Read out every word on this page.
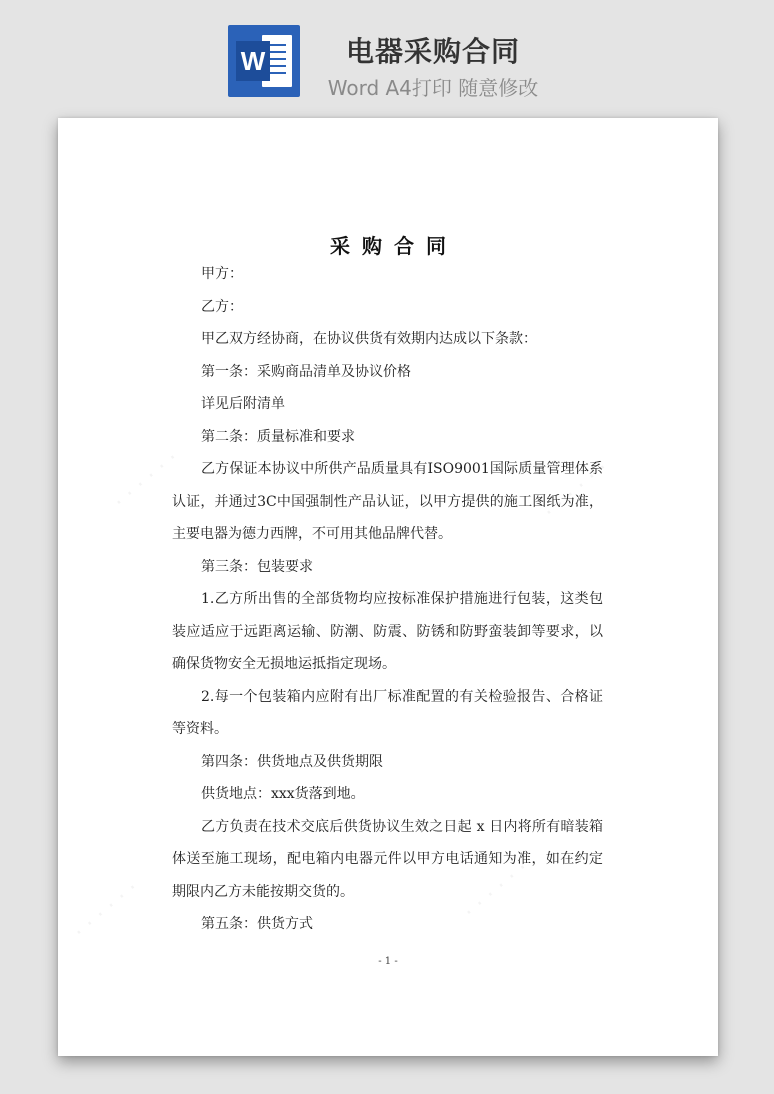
W	电器采购合同
Word A4打印 随意修改
· · · · · ·	· · · · · ·
· · · · · ·	· · · · · ·
采购合同

甲方：

乙方：

甲乙双方经协商，在协议供货有效期内达成以下条款：

第一条：采购商品清单及协议价格

详见后附清单

第二条：质量标准和要求

乙方保证本协议中所供产品质量具有ISO9001国际质量管理体系认证，并通过3C中国强制性产品认证，以甲方提供的施工图纸为准，主要电器为德力西牌，不可用其他品牌代替。

第三条：包装要求

1.乙方所出售的全部货物均应按标准保护措施进行包装，这类包装应适应于远距离运输、防潮、防震、防锈和防野蛮装卸等要求，以确保货物安全无损地运抵指定现场。

2.每一个包装箱内应附有出厂标准配置的有关检验报告、合格证等资料。

第四条：供货地点及供货期限

供货地点：xxx货落到地。

乙方负责在技术交底后供货协议生效之日起 x 日内将所有暗装箱体送至施工现场，配电箱内电器元件以甲方电话通知为准，如在约定期限内乙方未能按期交货的。

第五条：供货方式

- 1 -
